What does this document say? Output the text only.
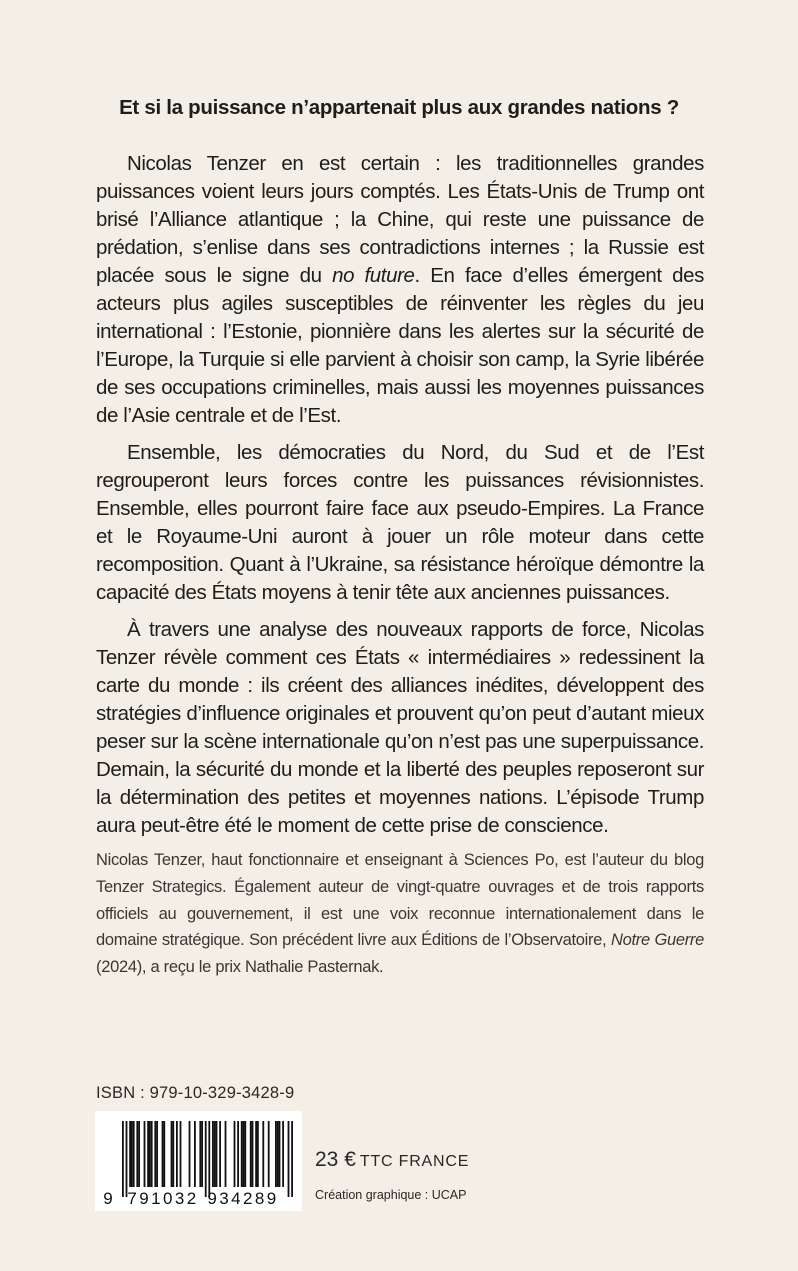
Et si la puissance n’appartenait plus aux grandes nations ?

Nicolas Tenzer en est certain : les traditionnelles grandes puissances voient leurs jours comptés. Les États-Unis de Trump ont brisé l’Alliance atlantique ; la Chine, qui reste une puissance de prédation, s’enlise dans ses contradictions internes ; la Russie est placée sous le signe du no future. En face d’elles émergent des acteurs plus agiles susceptibles de réinventer les règles du jeu international : l’Estonie, pionnière dans les alertes sur la sécurité de l’Europe, la Turquie si elle parvient à choisir son camp, la Syrie libérée de ses occupations criminelles, mais aussi les moyennes puissances de l’Asie centrale et de l’Est.

Ensemble, les démocraties du Nord, du Sud et de l’Est regrouperont leurs forces contre les puissances révisionnistes. Ensemble, elles pourront faire face aux pseudo-Empires. La France et le Royaume-Uni auront à jouer un rôle moteur dans cette recomposition. Quant à l’Ukraine, sa résistance héroïque démontre la capacité des États moyens à tenir tête aux anciennes puissances.

À travers une analyse des nouveaux rapports de force, Nicolas Tenzer révèle comment ces États « intermédiaires » redessinent la carte du monde : ils créent des alliances inédites, développent des stratégies d’influence originales et prouvent qu’on peut d’autant mieux peser sur la scène internationale qu’on n’est pas une superpuissance. Demain, la sécurité du monde et la liberté des peuples reposeront sur la détermination des petites et moyennes nations. L’épisode Trump aura peut-être été le moment de cette prise de conscience.

Nicolas Tenzer, haut fonctionnaire et enseignant à Sciences Po, est l’auteur du blog Tenzer Strategics. Également auteur de vingt-quatre ouvrages et de trois rapports officiels au gouvernement, il est une voix reconnue internationalement dans le domaine stratégique. Son précédent livre aux Éditions de l’Observatoire, Notre Guerre (2024), a reçu le prix Nathalie Pasternak.

ISBN : 979-10-329-3428-9
9 791032 934289
23 € TTC FRANCE
Création graphique : UCAP
